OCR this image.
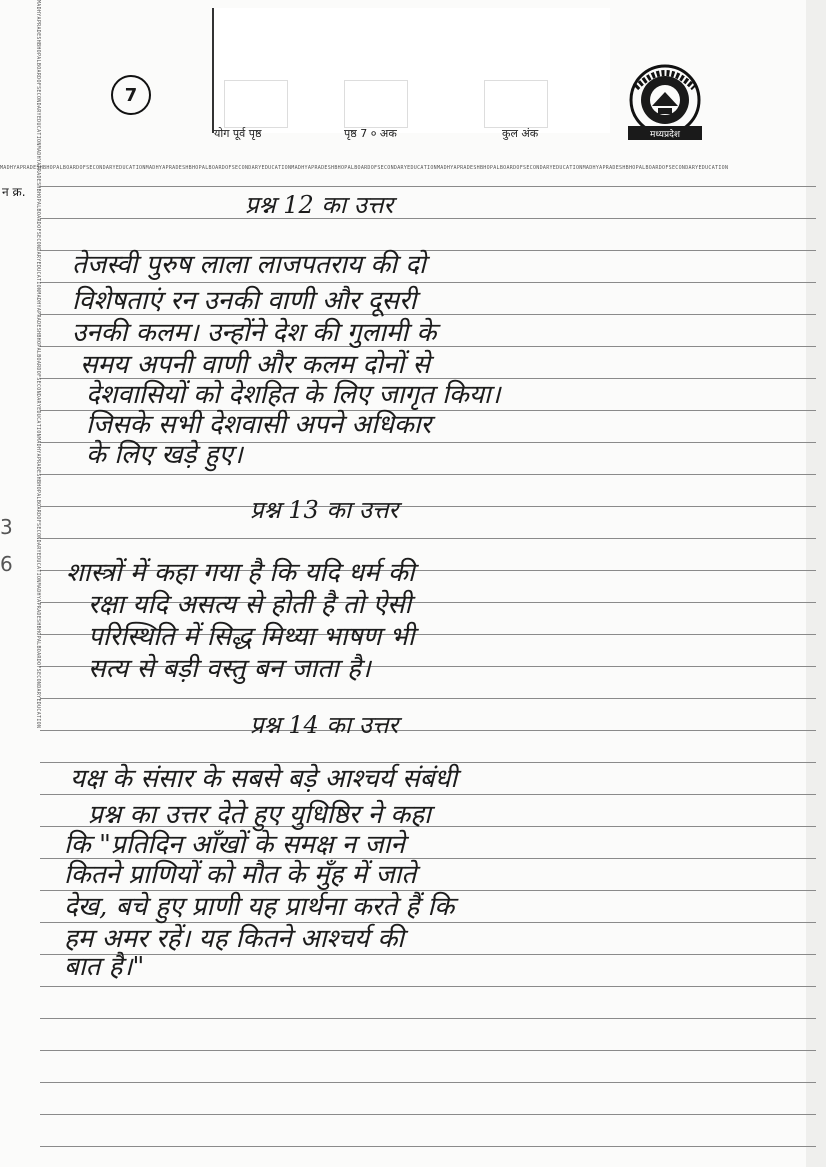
MADHYAPRADESHBHOPALBOARDOFSECONDARYEDUCATIONMADHYAPRADESHBHOPALBOARDOFSECONDARYEDUCATIONMADHYAPRADESHBHOPALBOARDOFSECONDARYEDUCATIONMADHYAPRADESHBHOPALBOARDOFSECONDARYEDUCATIONMADHYAPRADESHBHOPALBOARDOFSECONDARYEDUCATION
MADHYAPRADESHBHOPALBOARDOFSECONDARYEDUCATIONMADHYAPRADESHBHOPALBOARDOFSECONDARYEDUCATIONMADHYAPRADESHBHOPALBOARDOFSECONDARYEDUCATIONMADHYAPRADESHBHOPALBOARDOFSECONDARYEDUCATIONMADHYAPRADESHBHOPALBOARDOFSECONDARYEDUCATION
7
योग पूर्व पृष्ठ	पृष्ठ 7 ० अक	कुल अंक	मध्यप्रदेश
न क्र.	प्रश्न 12 का उत्तर
तेजस्वी पुरुष लाला लाजपतराय की दो
विशेषताएं रन उनकी वाणी और दूसरी
उनकी कलम। उन्होंने देश की गुलामी के
समय अपनी वाणी और कलम दोनों से
देशवासियों को देशहित के लिए जागृत किया।
जिसके सभी देशवासी अपने अधिकार
के लिए खड़े हुए।
प्रश्न 13 का उत्तर
शास्त्रों में कहा गया है कि यदि धर्म की
रक्षा यदि असत्य से होती है तो ऐसी
परिस्थिति में सिद्ध मिथ्या भाषण भी
सत्य से बड़ी वस्तु बन जाता है।
प्रश्न 14 का उत्तर
यक्ष के संसार के सबसे बड़े आश्चर्य संबंधी
प्रश्न का उत्तर देते हुए युधिष्ठिर ने कहा
कि "प्रतिदिन आँखों के समक्ष न जाने
कितने प्राणियों को मौत के मुँह में जाते
देख, बचे हुए प्राणी यह प्रार्थना करते हैं कि
हम अमर रहें। यह कितने आश्चर्य की
बात है।"
3
6
